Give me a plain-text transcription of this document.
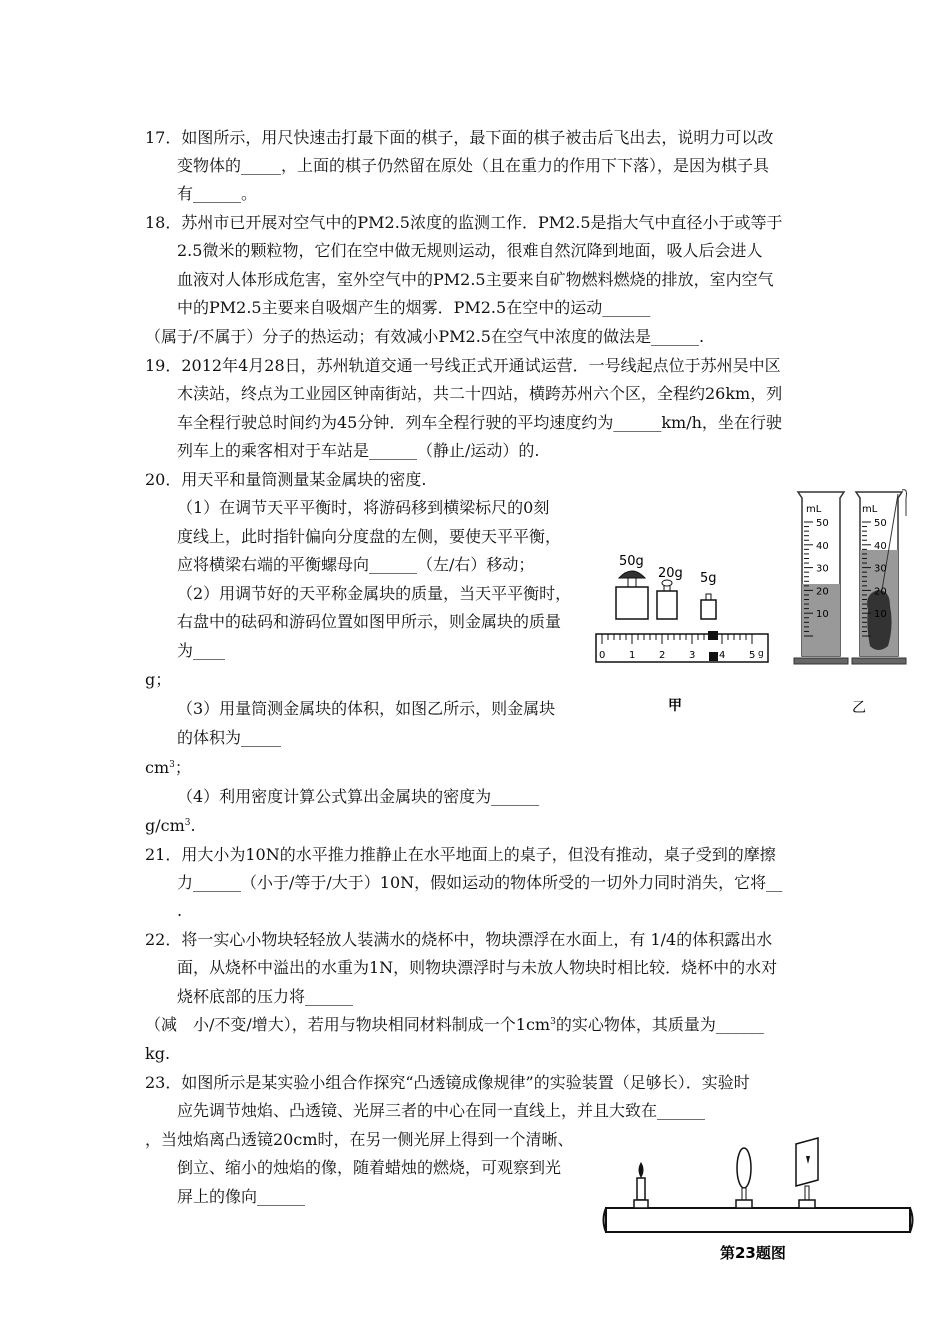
17．如图所示，用尺快速击打最下面的棋子，最下面的棋子被击后飞出去，说明力可以改
变物体的_____，上面的棋子仍然留在原处（且在重力的作用下下落），是因为棋子具
有______。
18．苏州市已开展对空气中的PM2.5浓度的监测工作．PM2.5是指大气中直径小于或等于
2.5微米的颗粒物，它们在空中做无规则运动，很难自然沉降到地面，吸人后会进人
血液对人体形成危害，室外空气中的PM2.5主要来自矿物燃料燃烧的排放，室内空气
中的PM2.5主要来自吸烟产生的烟雾．PM2.5在空中的运动______
（属于/不属于）分子的热运动；有效减小PM2.5在空气中浓度的做法是______.
19．2012年4月28日，苏州轨道交通一号线正式开通试运营．一号线起点位于苏州吴中区
木渎站，终点为工业园区钟南街站，共二十四站，横跨苏州六个区，全程约26km，列
车全程行驶总时间约为45分钟．列车全程行驶的平均速度约为______km/h，坐在行驶
列车上的乘客相对于车站是______（静止/运动）的.
20．用天平和量筒测量某金属块的密度.
（1）在调节天平平衡时，将游码移到横梁标尺的0刻
度线上，此时指针偏向分度盘的左侧，要使天平平衡，
应将横梁右端的平衡螺母向______（左/右）移动；
（2）用调节好的天平称金属块的质量，当天平平衡时，
右盘中的砝码和游码位置如图甲所示，则金属块的质量
为____
g；
（3）用量筒测金属块的体积，如图乙所示，则金属块
的体积为_____
$cm^3$；
（4）利用密度计算公式算出金属块的密度为______
$g/cm^3$.
50g
20g 5g
0 1 2 3 4 5 g
甲
mL
50
40
30
20
10
mL
50
40
30
20
10
乙
21．用大小为10N的水平推力推静止在水平地面上的桌子，但没有推动，桌子受到的摩擦
力______（小于/等于/大于）10N，假如运动的物体所受的一切外力同时消失，它将__
.
22．将一实心小物块轻轻放人装满水的烧杯中，物块漂浮在水面上，有 1/4的体积露出水
面，从烧杯中溢出的水重为1N，则物块漂浮时与未放人物块时相比较．烧杯中的水对
烧杯底部的压力将______
（减　小/不变/增大），若用与物块相同材料制成一个$1cm^3$的实心物体，其质量为______
kg.
23．如图所示是某实验小组合作探究“凸透镜成像规律”的实验装置（足够长）．实验时
应先调节烛焰、凸透镜、光屏三者的中心在同一直线上，并且大致在______
，当烛焰离凸透镜20cm时，在另一侧光屏上得到一个清晰、
倒立、缩小的烛焰的像，随着蜡烛的燃烧，可观察到光
屏上的像向______
第23题图
